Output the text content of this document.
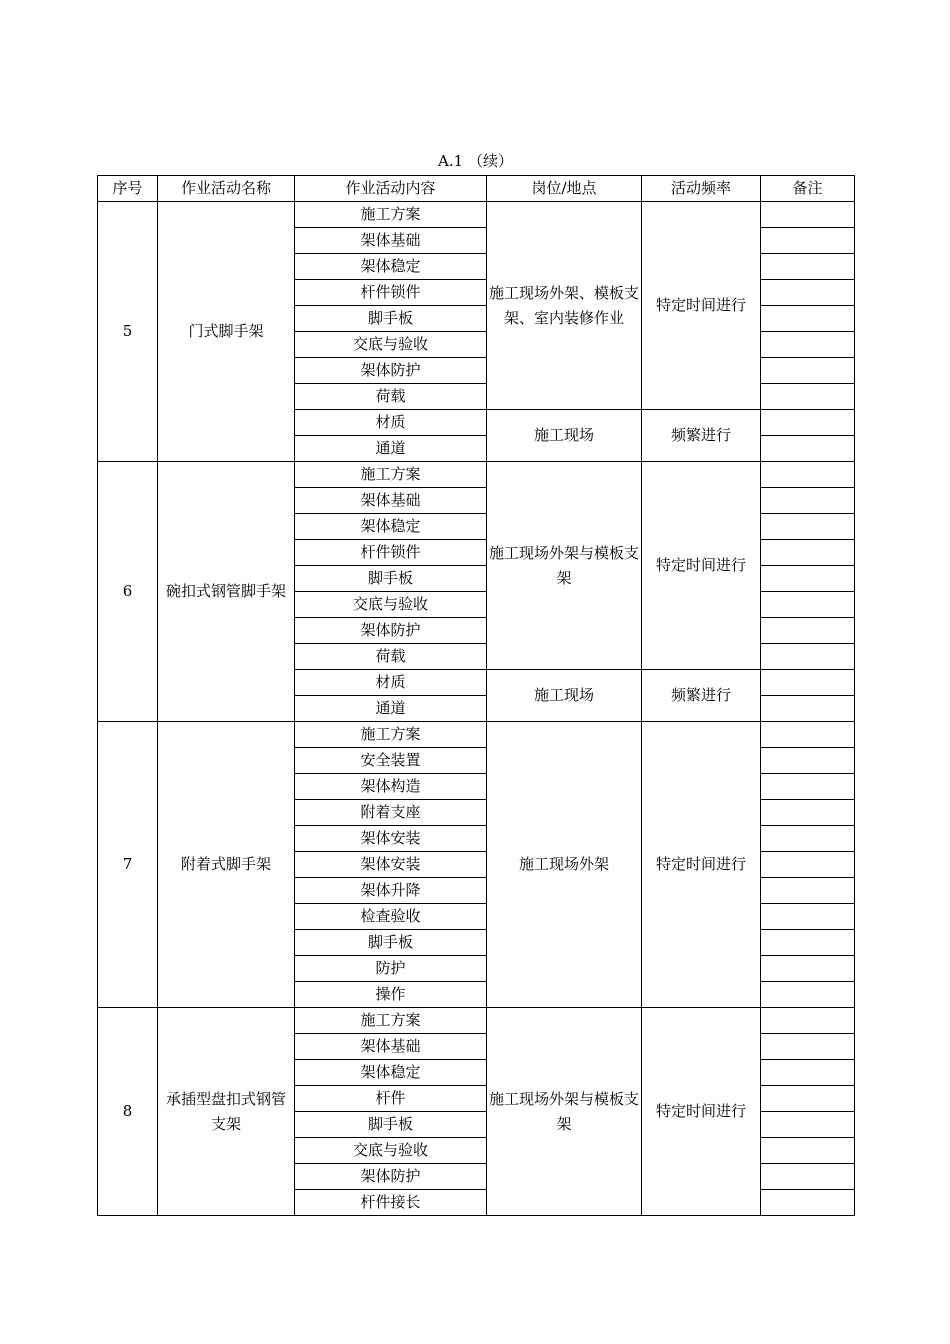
A.1 （续）
序号	作业活动名称	作业活动内容	岗位/地点	活动频率	备注
5	门式脚手架	施工方案	施工现场外架、模板支架、室内装修作业	特定时间进行	
		架体基础			
		架体稳定			
		杆件锁件			
		脚手板			
		交底与验收			
		架体防护			
		荷载			
		材质	施工现场	频繁进行	
		通道			
6	碗扣式钢管脚手架	施工方案	施工现场外架与模板支架	特定时间进行	
		架体基础			
		架体稳定			
		杆件锁件			
		脚手板			
		交底与验收			
		架体防护			
		荷载			
		材质	施工现场	频繁进行	
		通道			
7	附着式脚手架	施工方案	施工现场外架	特定时间进行	
		安全装置			
		架体构造			
		附着支座			
		架体安装			
		架体安装			
		架体升降			
		检查验收			
		脚手板			
		防护			
		操作			
8	承插型盘扣式钢管支架	施工方案	施工现场外架与模板支架	特定时间进行	
		架体基础			
		架体稳定			
		杆件			
		脚手板			
		交底与验收			
		架体防护			
		杆件接长			
